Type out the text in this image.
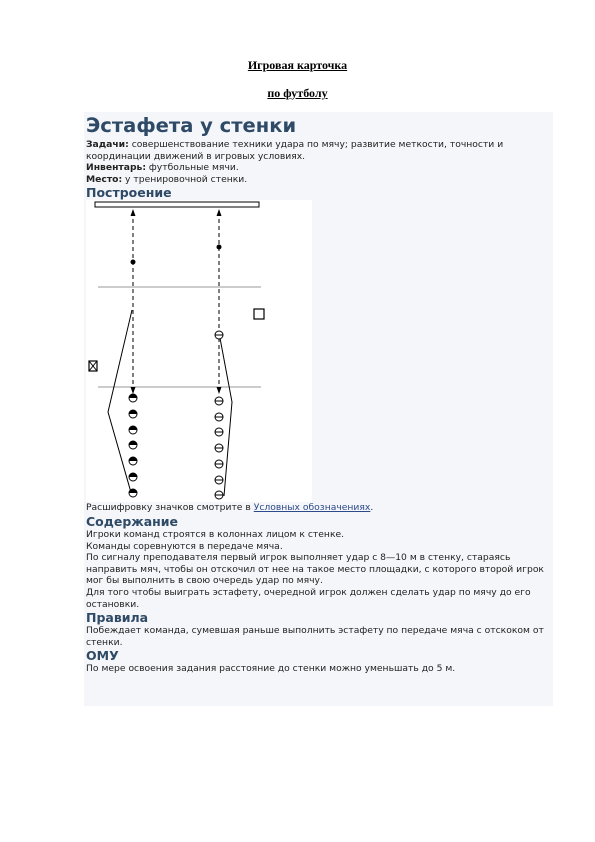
Игровая карточка
по футболу
Эстафета у стенки

Задачи: совершенствование техники удара по мячу; развитие меткости, точности и координации движений в игровых условиях.

Инвентарь: футбольные мячи.

Место: у тренировочной стенки.

Построение

Расшифровку значков смотрите в Условных обозначениях.

Содержание

Игроки команд строятся в колоннах лицом к стенке.

Команды соревнуются в передаче мяча.

По сигналу преподавателя первый игрок выполняет удар с 8—10 м в стенку, стараясь направить мяч, чтобы он отскочил от нее на такое место площадки, с которого второй игрок мог бы выполнить в свою очередь удар по мячу.

Для того чтобы выиграть эстафету, очередной игрок должен сделать удар по мячу до его остановки.

Правила

Побеждает команда, сумевшая раньше выполнить эстафету по передаче мяча с отскоком от стенки.

ОМУ

По мере освоения задания расстояние до стенки можно уменьшать до 5 м.
